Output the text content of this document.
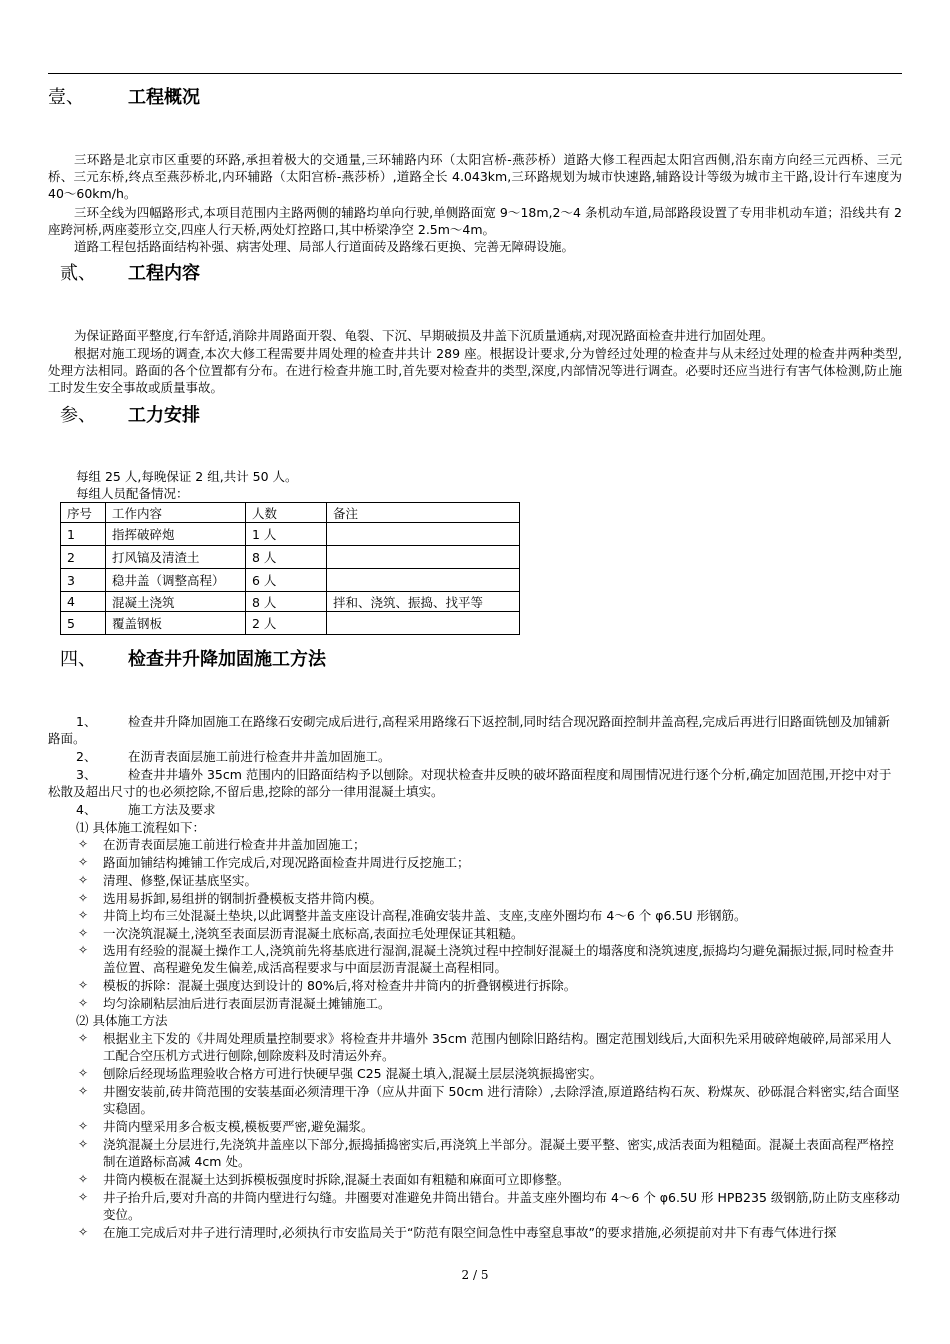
壹、 工程概况
三环路是北京市区重要的环路,承担着极大的交通量,三环辅路内环（太阳宫桥-燕莎桥）道路大修工程西起太阳宫西侧,沿东南方向经三元西桥、三元桥、三元东桥,终点至燕莎桥北,内环辅路（太阳宫桥-燕莎桥）,道路全长 4.043km,三环路规划为城市快速路,辅路设计等级为城市主干路,设计行车速度为 40～60km/h。
三环全线为四幅路形式,本项目范围内主路两侧的辅路均单向行驶,单侧路面宽 9～18m,2～4 条机动车道,局部路段设置了专用非机动车道；沿线共有 2 座跨河桥,两座菱形立交,四座人行天桥,两处灯控路口,其中桥梁净空 2.5m～4m。
道路工程包括路面结构补强、病害处理、局部人行道面砖及路缘石更换、完善无障碍设施。
贰、 工程内容
为保证路面平整度,行车舒适,消除井周路面开裂、龟裂、下沉、早期破损及井盖下沉质量通病,对现况路面检查井进行加固处理。
根据对施工现场的调查,本次大修工程需要井周处理的检查井共计 289 座。根据设计要求,分为曾经过处理的检查井与从未经过处理的检查井两种类型,处理方法相同。路面的各个位置都有分布。在进行检查井施工时,首先要对检查井的类型,深度,内部情况等进行调查。必要时还应当进行有害气体检测,防止施工时发生安全事故或质量事故。
参、 工力安排
每组 25 人,每晚保证 2 组,共计 50 人。
每组人员配备情况：
序号	工作内容	人数	备注
1	指挥破碎炮	1 人	
2	打风镐及清渣土	8 人	
3	稳井盖（调整高程）	6 人	
4	混凝土浇筑	8 人	拌和、浇筑、振捣、找平等
5	覆盖钢板	2 人	
四、 检查井升降加固施工方法
1、	检查井升降加固施工在路缘石安砌完成后进行,高程采用路缘石下返控制,同时结合现况路面控制井盖高程,完成后再进行旧路面铣刨及加铺新路面。
2、	在沥青表面层施工前进行检查井井盖加固施工。
3、	检查井井墙外 35cm 范围内的旧路面结构予以刨除。对现状检查井反映的破坏路面程度和周围情况进行逐个分析,确定加固范围,开挖中对于松散及超出尺寸的也必须挖除,不留后患,挖除的部分一律用混凝土填实。
4、	施工方法及要求
⑴ 具体施工流程如下：
✧	在沥青表面层施工前进行检查井井盖加固施工；
✧	路面加铺结构摊铺工作完成后,对现况路面检查井周进行反挖施工；
✧	清理、修整,保证基底坚实。
✧	选用易拆卸,易组拼的钢制折叠模板支搭井筒内模。
✧	井筒上均布三处混凝土垫块,以此调整井盖支座设计高程,准确安装井盖、支座,支座外圈均布 4～6 个 φ6.5U 形钢筋。
✧	一次浇筑混凝土,浇筑至表面层沥青混凝土底标高,表面拉毛处理保证其粗糙。
✧	选用有经验的混凝土操作工人,浇筑前先将基底进行湿润,混凝土浇筑过程中控制好混凝土的塌落度和浇筑速度,振捣均匀避免漏振过振,同时检查井盖位置、高程避免发生偏差,成活高程要求与中面层沥青混凝土高程相同。
✧	模板的拆除：混凝土强度达到设计的 80%后,将对检查井井筒内的折叠钢模进行拆除。
✧	均匀涂刷粘层油后进行表面层沥青混凝土摊铺施工。
⑵ 具体施工方法
✧	根据业主下发的《井周处理质量控制要求》将检查井井墙外 35cm 范围内刨除旧路结构。圈定范围划线后,大面积先采用破碎炮破碎,局部采用人工配合空压机方式进行刨除,刨除废料及时清运外弃。
✧	刨除后经现场监理验收合格方可进行快硬早强 C25 混凝土填入,混凝土层层浇筑振捣密实。
✧	井圈安装前,砖井筒范围的安装基面必须清理干净（应从井面下 50cm 进行清除）,去除浮渣,原道路结构石灰、粉煤灰、砂砾混合料密实,结合面坚实稳固。
✧	井筒内壁采用多合板支模,模板要严密,避免漏浆。
✧	浇筑混凝土分层进行,先浇筑井盖座以下部分,振捣插捣密实后,再浇筑上半部分。混凝土要平整、密实,成活表面为粗糙面。混凝土表面高程严格控制在道路标高减 4cm 处。
✧	井筒内模板在混凝土达到拆模板强度时拆除,混凝土表面如有粗糙和麻面可立即修整。
✧	井子抬升后,要对升高的井筒内壁进行勾缝。井圈要对准避免井筒出错台。井盖支座外圈均布 4～6 个 φ6.5U 形 HPB235 级钢筋,防止防支座移动变位。
✧	在施工完成后对井子进行清理时,必须执行市安监局关于“防范有限空间急性中毒窒息事故”的要求措施,必须提前对井下有毒气体进行探
2 / 5
